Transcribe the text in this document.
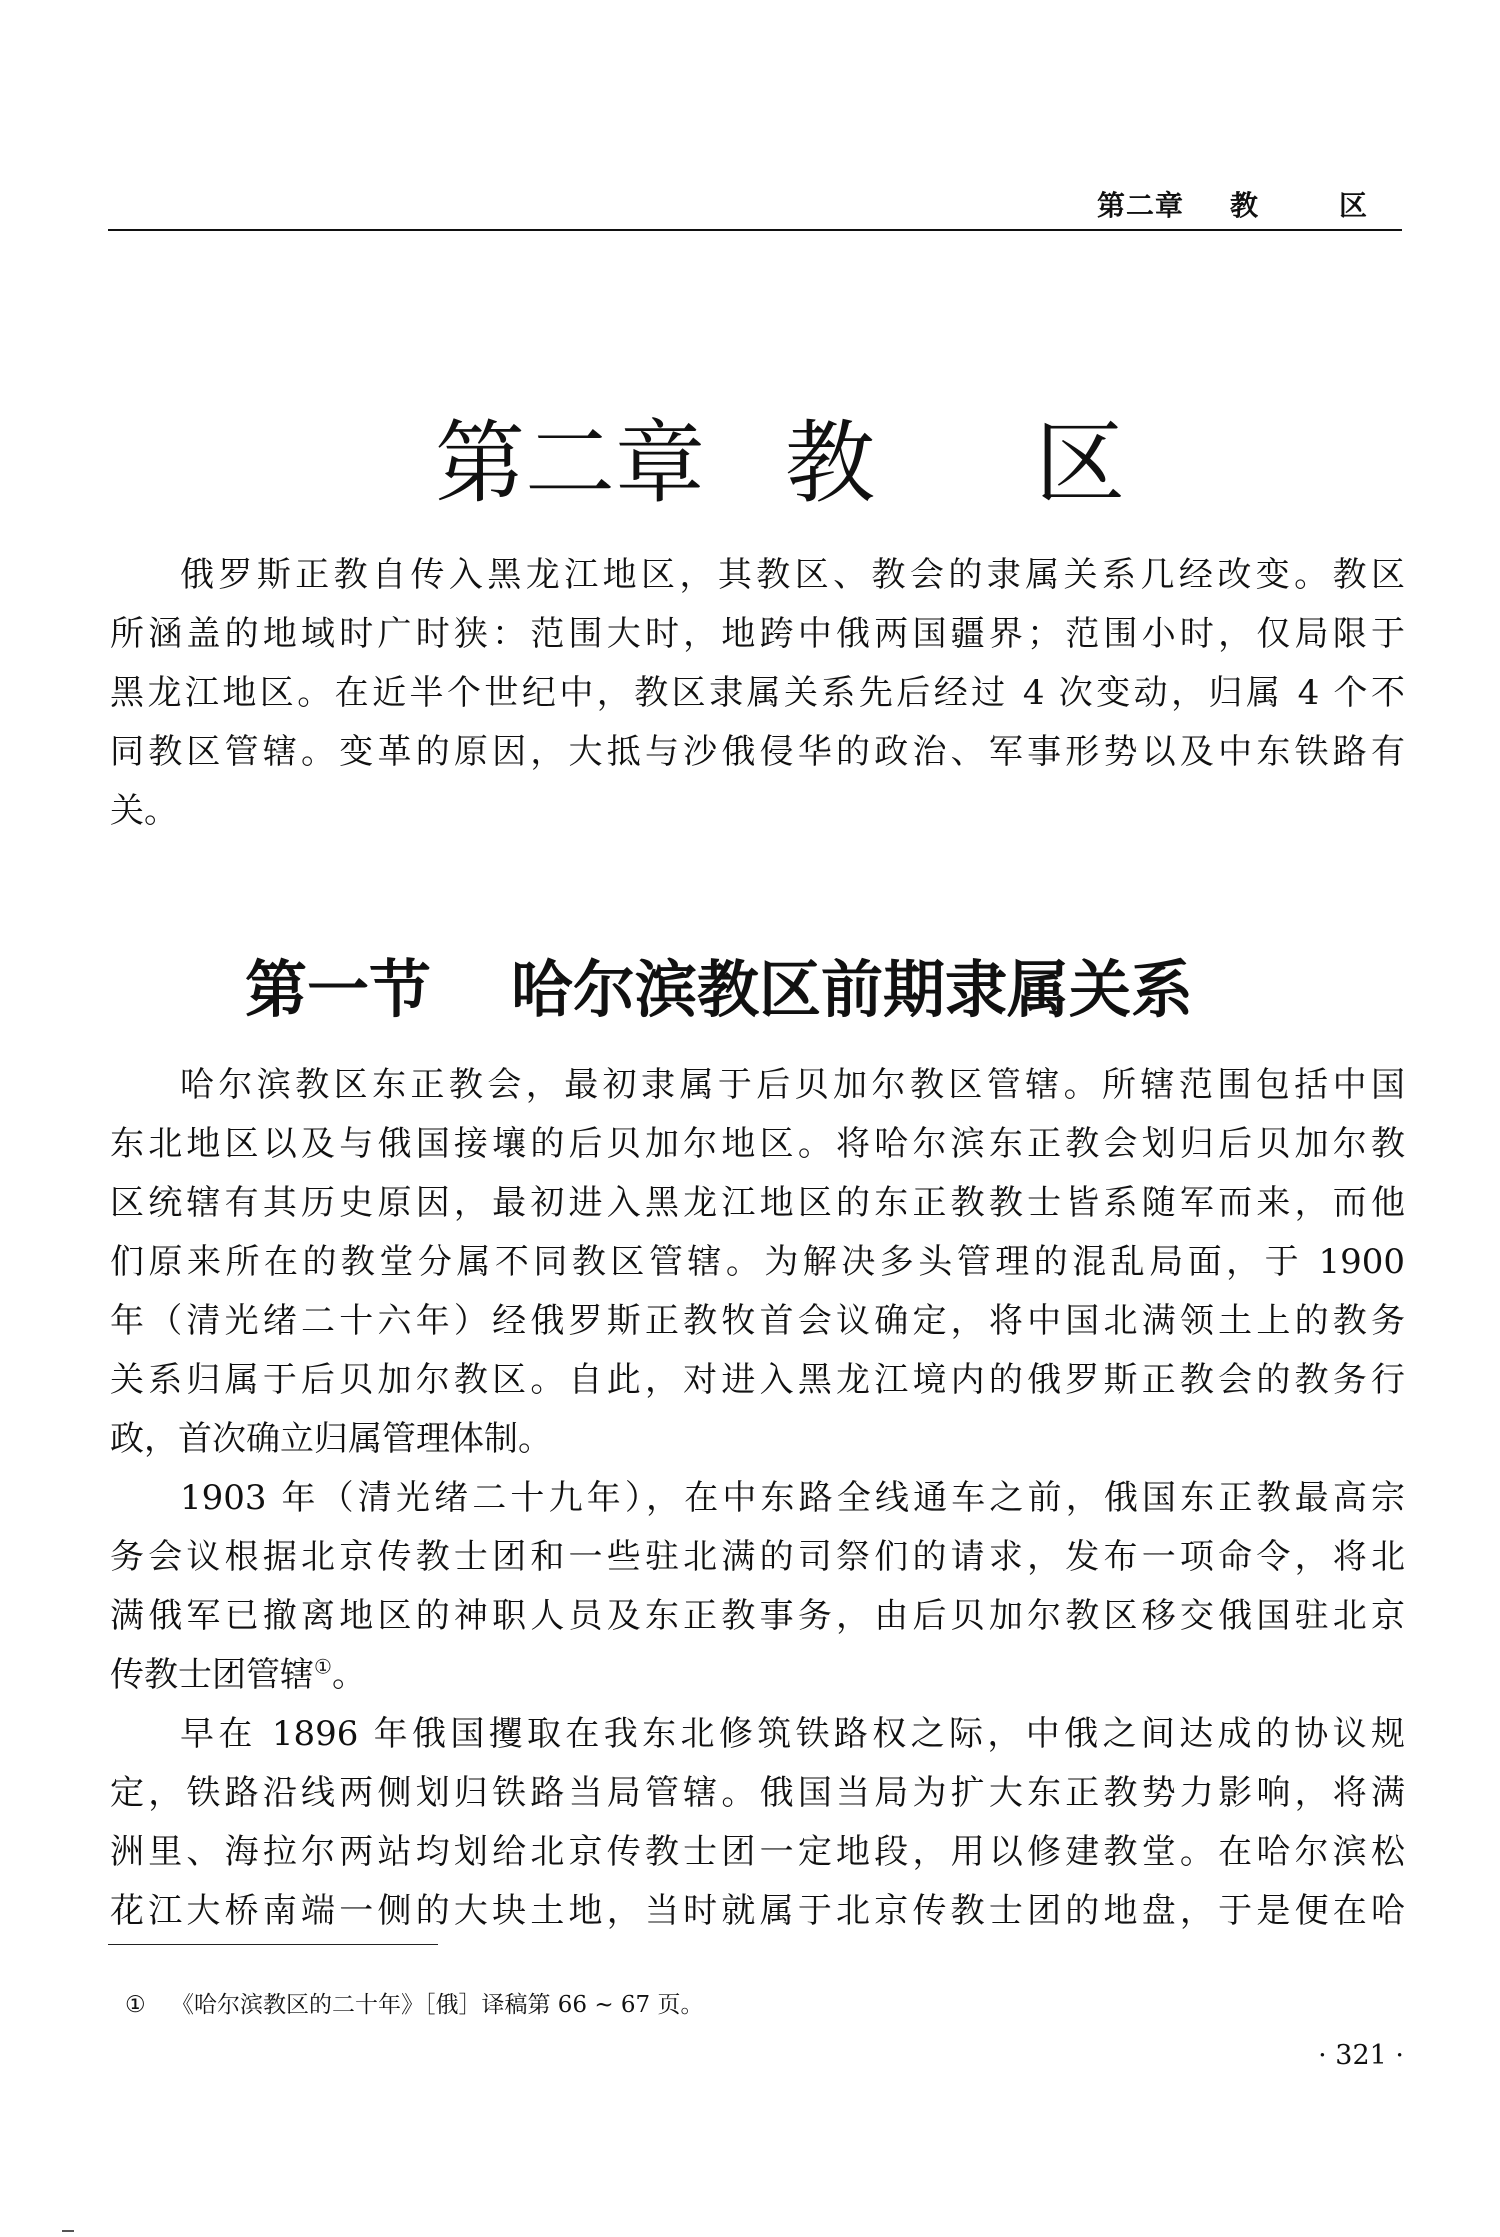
第二章 教	区
第二章 教 区
俄罗斯正教自传入黑龙江地区，其教区、教会的隶属关系几经改变。教区
所涵盖的地域时广时狭：范围大时，地跨中俄两国疆界；范围小时，仅局限于
黑龙江地区。在近半个世纪中，教区隶属关系先后经过 4 次变动，归属 4 个不
同教区管辖。变革的原因，大抵与沙俄侵华的政治、军事形势以及中东铁路有
关。
第一节 哈尔滨教区前期隶属关系
哈尔滨教区东正教会，最初隶属于后贝加尔教区管辖。所辖范围包括中国
东北地区以及与俄国接壤的后贝加尔地区。将哈尔滨东正教会划归后贝加尔教
区统辖有其历史原因，最初进入黑龙江地区的东正教教士皆系随军而来，而他
们原来所在的教堂分属不同教区管辖。为解决多头管理的混乱局面，于 1900
年（清光绪二十六年）经俄罗斯正教牧首会议确定，将中国北满领土上的教务
关系归属于后贝加尔教区。自此，对进入黑龙江境内的俄罗斯正教会的教务行
政，首次确立归属管理体制。
1903 年（清光绪二十九年），在中东路全线通车之前，俄国东正教最高宗
务会议根据北京传教士团和一些驻北满的司祭们的请求，发布一项命令，将北
满俄军已撤离地区的神职人员及东正教事务，由后贝加尔教区移交俄国驻北京
传教士团管辖①。
早在 1896 年俄国攫取在我东北修筑铁路权之际，中俄之间达成的协议规
定，铁路沿线两侧划归铁路当局管辖。俄国当局为扩大东正教势力影响，将满
洲里、海拉尔两站均划给北京传教士团一定地段，用以修建教堂。在哈尔滨松
花江大桥南端一侧的大块土地，当时就属于北京传教士团的地盘，于是便在哈
① 《哈尔滨教区的二十年》［俄］译稿第 66 ~ 67 页。
· 321 ·
